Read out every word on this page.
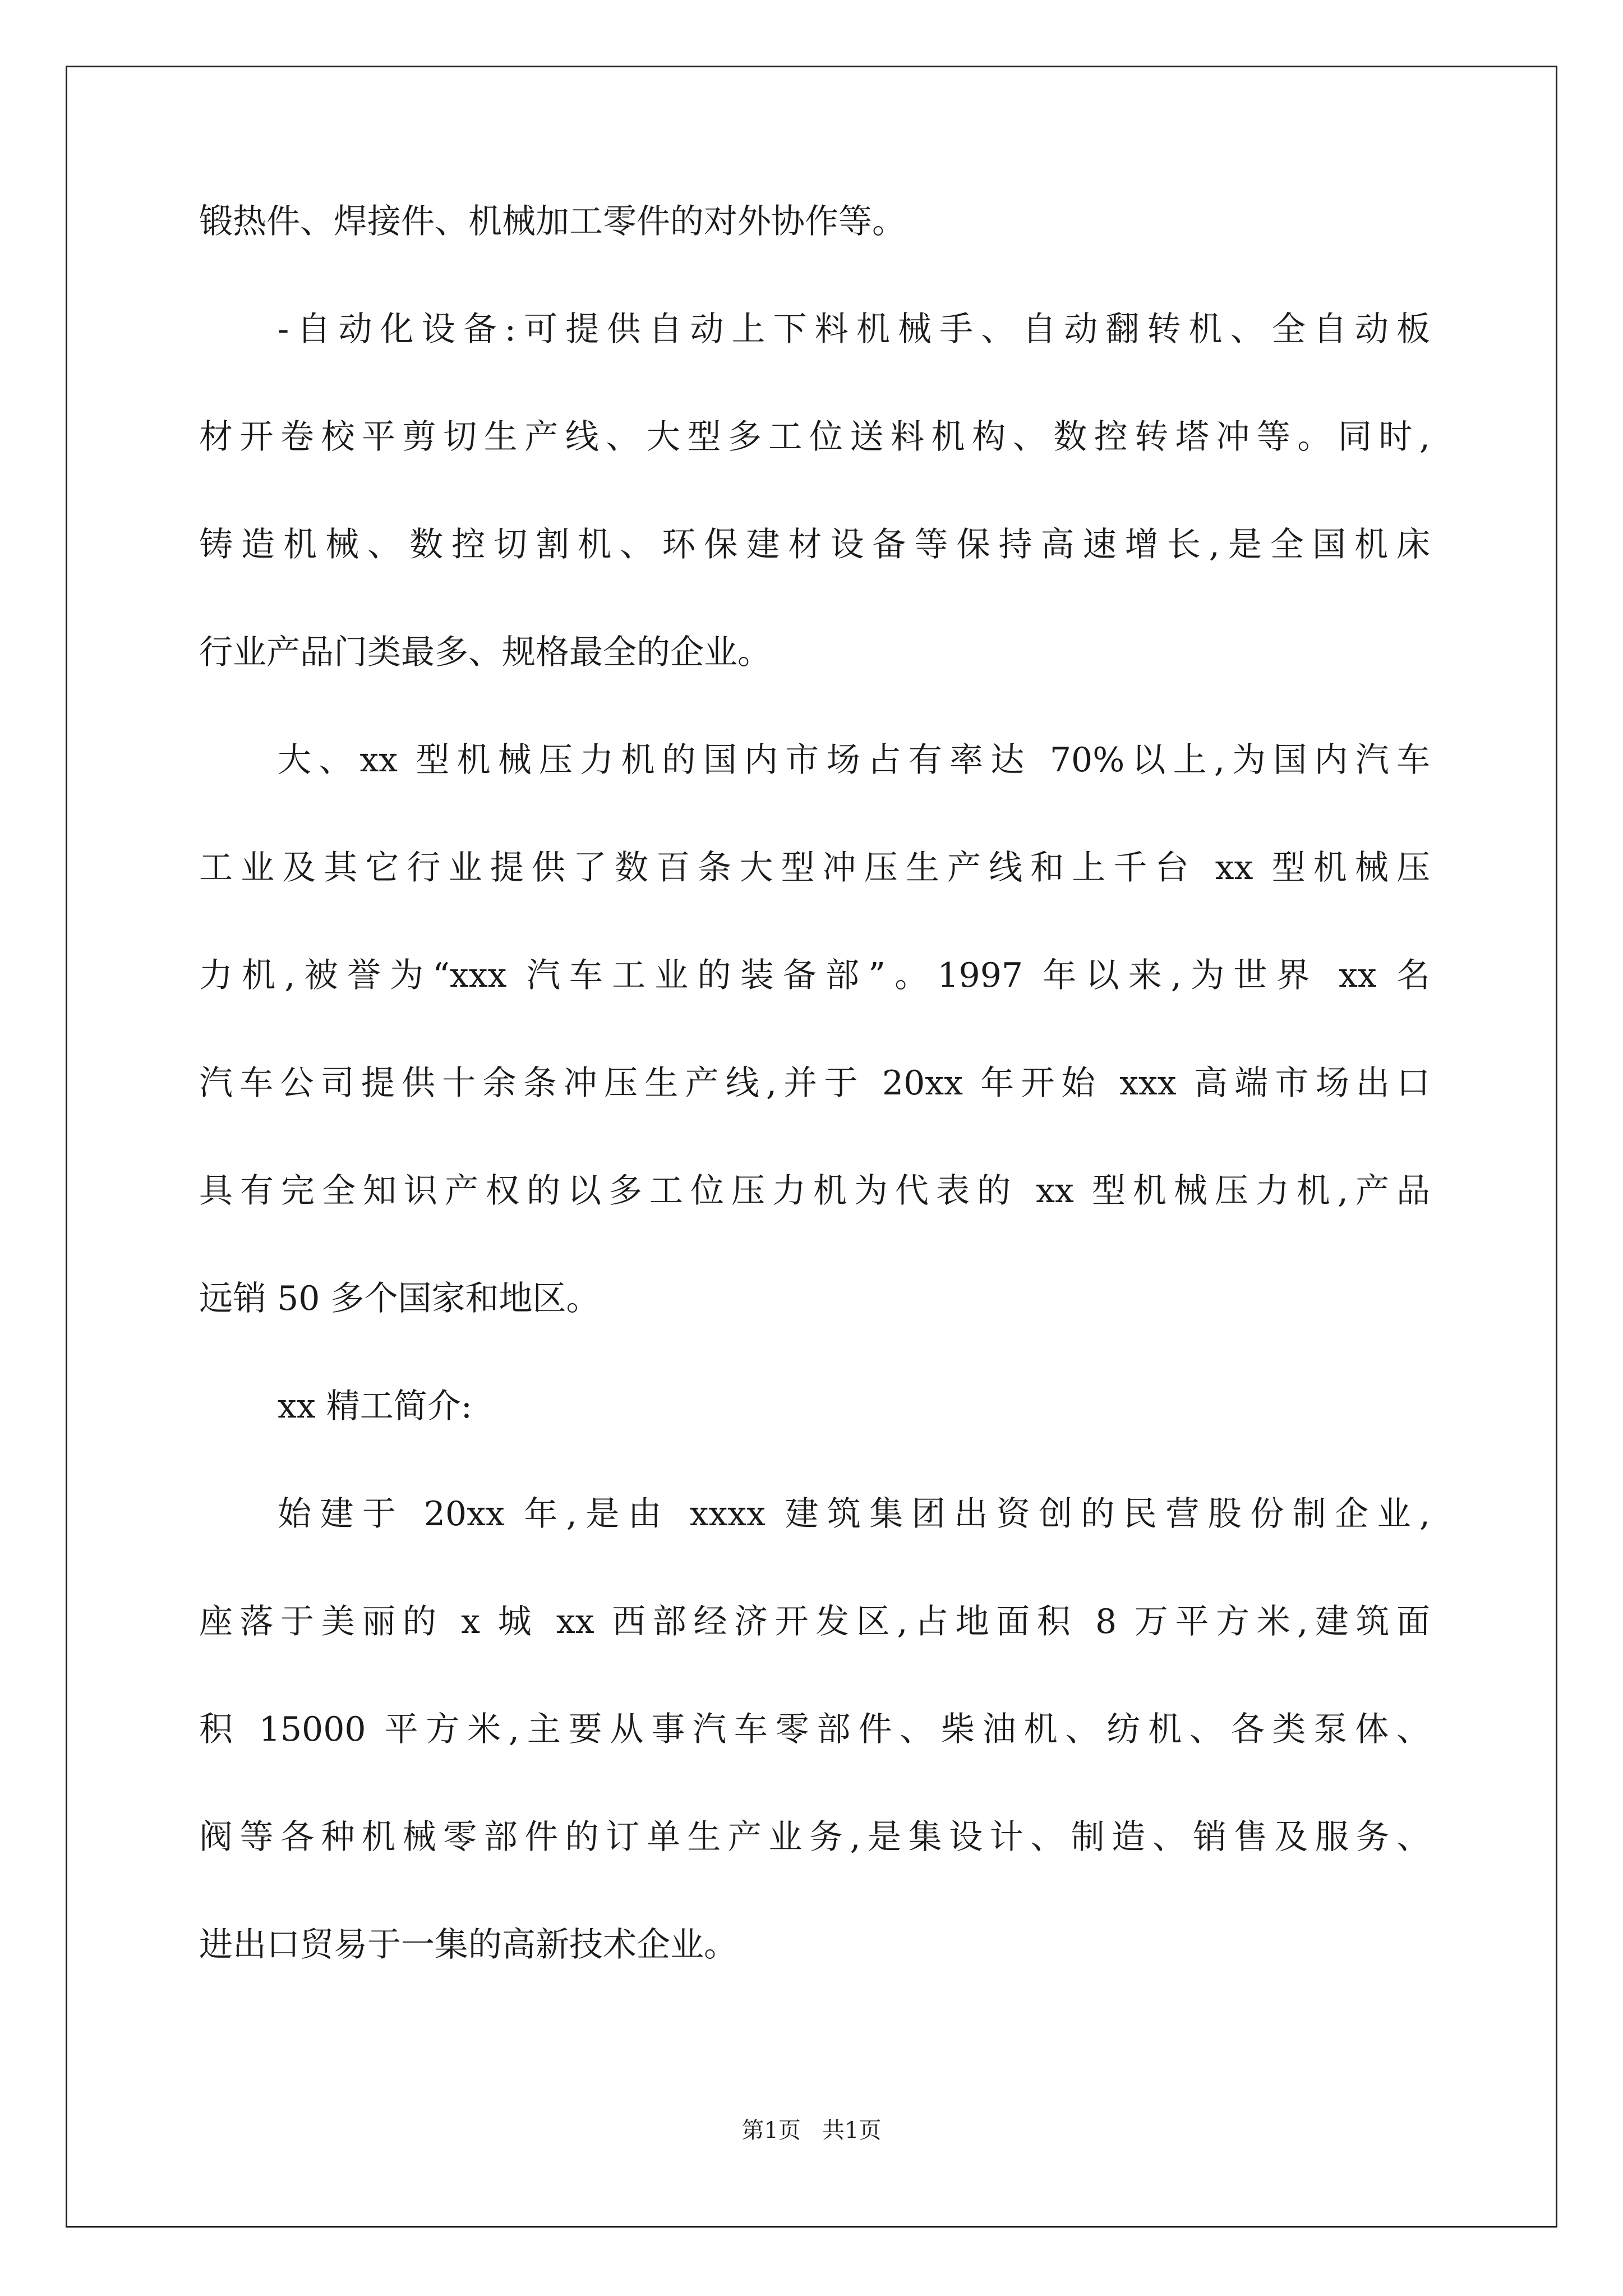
锻热件、焊接件、机械加工零件的对外协作等。
-自动化设备:可提供自动上下料机械手、自动翻转机、全自动板
材开卷校平剪切生产线、大型多工位送料机构、数控转塔冲等。同时,
铸造机械、数控切割机、环保建材设备等保持高速增长,是全国机床
行业产品门类最多、规格最全的企业。
大、xx 型机械压力机的国内市场占有率达 70%以上,为国内汽车
工业及其它行业提供了数百条大型冲压生产线和上千台 xx 型机械压
力机,被誉为“xxx 汽车工业的装备部”。1997 年以来,为世界 xx 名
汽车公司提供十余条冲压生产线,并于 20xx 年开始 xxx 高端市场出口
具有完全知识产权的以多工位压力机为代表的 xx 型机械压力机,产品
远销 50 多个国家和地区。
xx 精工简介:
始建于 20xx 年,是由 xxxx 建筑集团出资创的民营股份制企业,
座落于美丽的 x 城 xx 西部经济开发区,占地面积 8 万平方米,建筑面
积 15000 平方米,主要从事汽车零部件、柴油机、纺机、各类泵体、
阀等各种机械零部件的订单生产业务,是集设计、制造、销售及服务、
进出口贸易于一集的高新技术企业。
第1页   共1页
